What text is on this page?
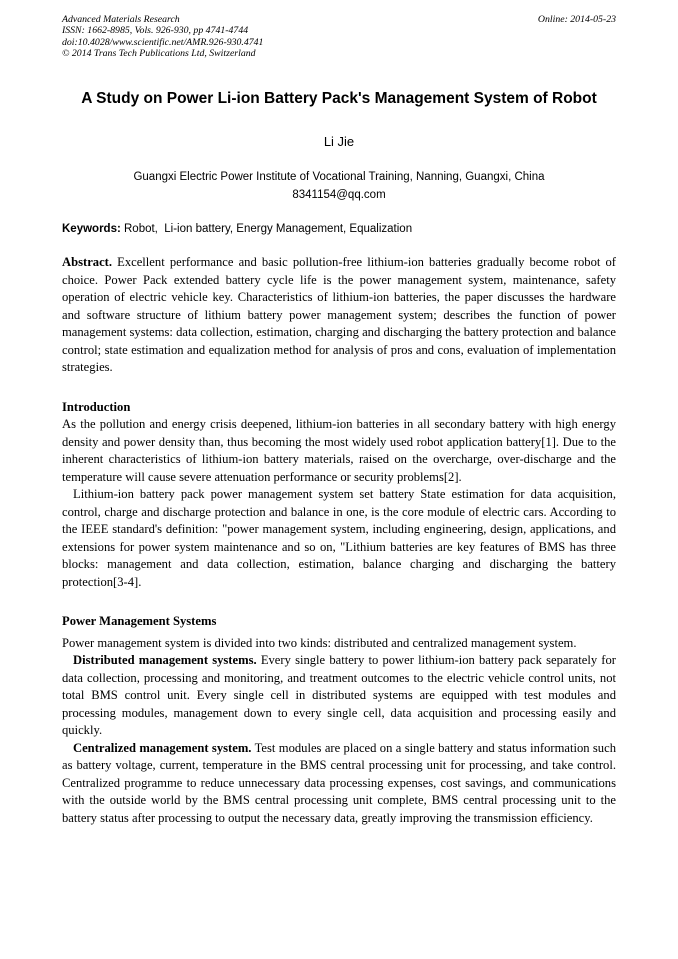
Advanced Materials Research
ISSN: 1662-8985, Vols. 926-930, pp 4741-4744
doi:10.4028/www.scientific.net/AMR.926-930.4741
© 2014 Trans Tech Publications Ltd, Switzerland
Online: 2014-05-23
A Study on Power Li-ion Battery Pack's Management System of Robot
Li Jie
Guangxi Electric Power Institute of Vocational Training, Nanning, Guangxi, China
8341154@qq.com

Keywords: Robot,  Li-ion battery, Energy Management, Equalization

Abstract. Excellent performance and basic pollution-free lithium-ion batteries gradually become robot of choice. Power Pack extended battery cycle life is the power management system, maintenance, safety operation of electric vehicle key. Characteristics of lithium-ion batteries, the paper discusses the hardware and software structure of lithium battery power management system; describes the function of power management systems: data collection, estimation, charging and discharging the battery protection and balance control; state estimation and equalization method for analysis of pros and cons, evaluation of implementation strategies.

Introduction

As the pollution and energy crisis deepened, lithium-ion batteries in all secondary battery with high energy density and power density than, thus becoming the most widely used robot application battery[1]. Due to the inherent characteristics of lithium-ion battery materials, raised on the overcharge, over-discharge and the temperature will cause severe attenuation performance or security problems[2].

Lithium-ion battery pack power management system set battery State estimation for data acquisition, control, charge and discharge protection and balance in one, is the core module of electric cars. According to the IEEE standard's definition: "power management system, including engineering, design, applications, and extensions for power system maintenance and so on, "Lithium batteries are key features of BMS has three blocks: management and data collection, estimation, balance charging and discharging the battery protection[3-4].

Power Management Systems

Power management system is divided into two kinds: distributed and centralized management system.

Distributed management systems. Every single battery to power lithium-ion battery pack separately for data collection, processing and monitoring, and treatment outcomes to the electric vehicle control units, not total BMS control unit. Every single cell in distributed systems are equipped with test modules and processing modules, management down to every single cell, data acquisition and processing easily and quickly.

Centralized management system. Test modules are placed on a single battery and status information such as battery voltage, current, temperature in the BMS central processing unit for processing, and take control. Centralized programme to reduce unnecessary data processing expenses, cost savings, and communications with the outside world by the BMS central processing unit complete, BMS central processing unit to the battery status after processing to output the necessary data, greatly improving the transmission efficiency.
